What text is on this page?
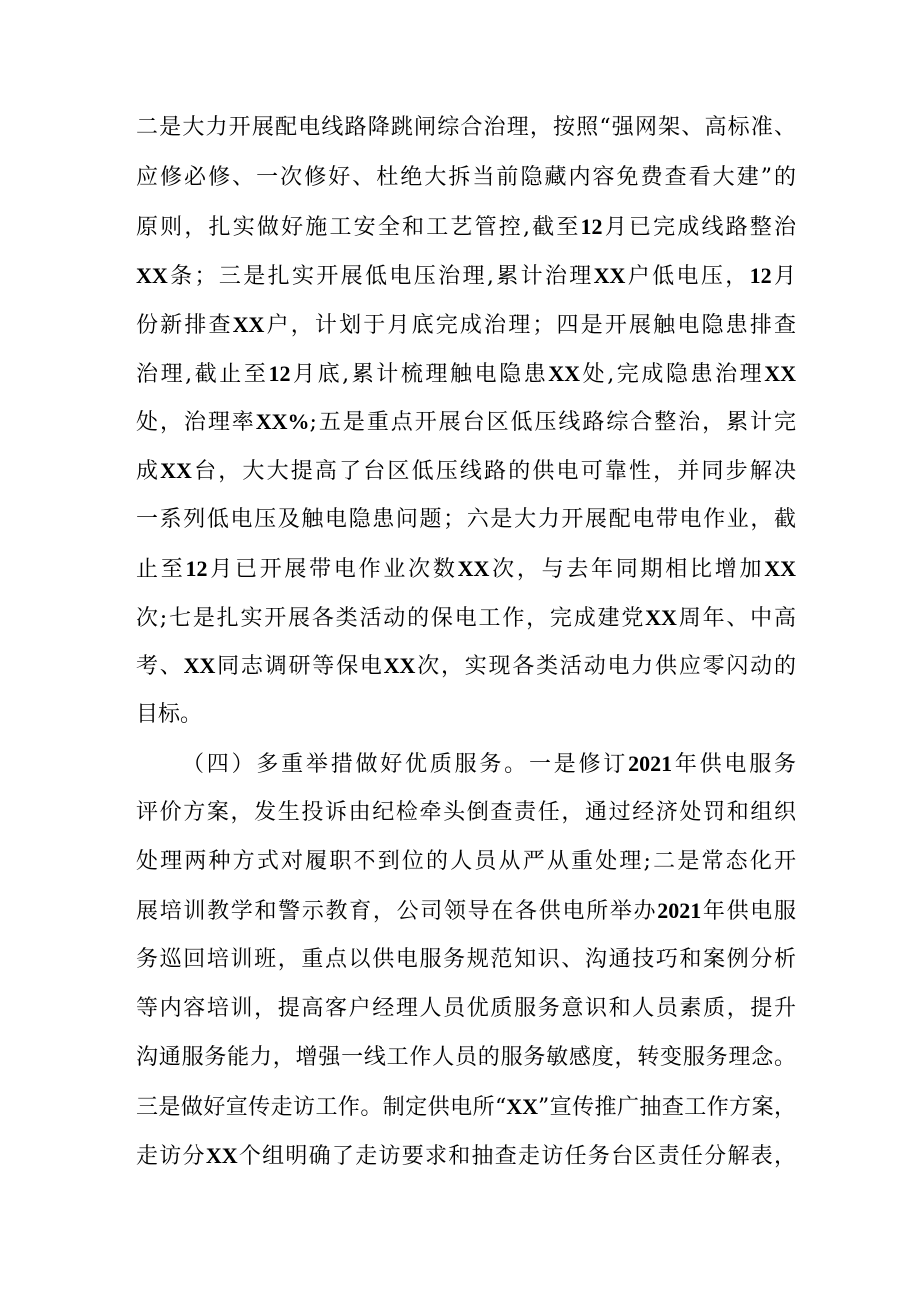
二是大力开展配电线路降跳闸综合治理，按照“强网架、高标准、
应修必修、一次修好、杜绝大拆当前隐藏内容免费查看大建”的
原则，扎实做好施工安全和工艺管控,截至12月已完成线路整治
XX条；三是扎实开展低电压治理,累计治理XX户低电压，12月
份新排查XX户，计划于月底完成治理；四是开展触电隐患排查
治理,截止至12月底,累计梳理触电隐患XX处,完成隐患治理XX
处，治理率XX%;五是重点开展台区低压线路综合整治，累计完
成XX台，大大提高了台区低压线路的供电可靠性，并同步解决
一系列低电压及触电隐患问题；六是大力开展配电带电作业，截
止至12月已开展带电作业次数XX次，与去年同期相比增加XX
次;七是扎实开展各类活动的保电工作，完成建党XX周年、中高
考、XX同志调研等保电XX次，实现各类活动电力供应零闪动的
目标。
（四）多重举措做好优质服务。一是修订2021年供电服务
评价方案，发生投诉由纪检牵头倒查责任，通过经济处罚和组织
处理两种方式对履职不到位的人员从严从重处理;二是常态化开
展培训教学和警示教育，公司领导在各供电所举办2021年供电服
务巡回培训班，重点以供电服务规范知识、沟通技巧和案例分析
等内容培训，提高客户经理人员优质服务意识和人员素质，提升
沟通服务能力，增强一线工作人员的服务敏感度，转变服务理念。
三是做好宣传走访工作。制定供电所“XX”宣传推广抽查工作方案，
走访分XX个组明确了走访要求和抽查走访任务台区责任分解表，
